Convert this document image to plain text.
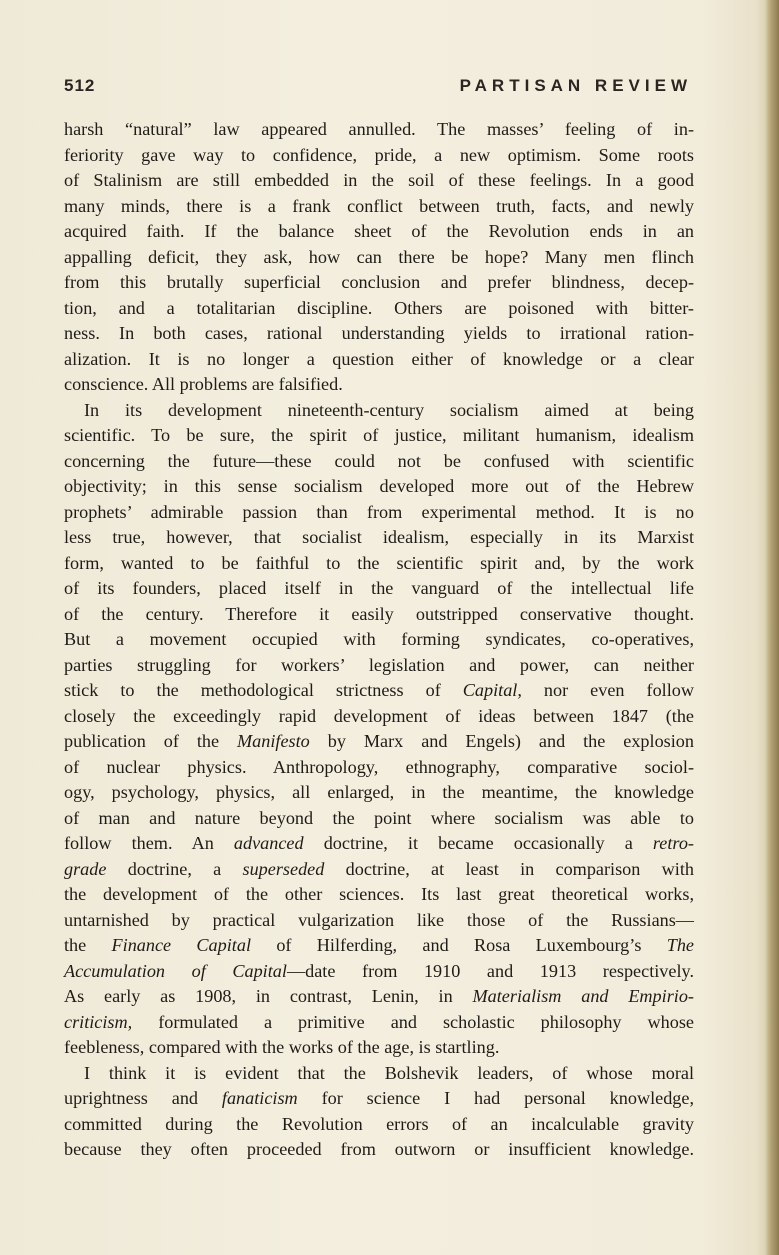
512	PARTISAN REVIEW
harsh “natural” law appeared annulled. The masses’ feeling of in-
feriority gave way to confidence, pride, a new optimism. Some roots
of Stalinism are still embedded in the soil of these feelings. In a good
many minds, there is a frank conflict between truth, facts, and newly
acquired faith. If the balance sheet of the Revolution ends in an
appalling deficit, they ask, how can there be hope? Many men flinch
from this brutally superficial conclusion and prefer blindness, decep-
tion, and a totalitarian discipline. Others are poisoned with bitter-
ness. In both cases, rational understanding yields to irrational ration-
alization. It is no longer a question either of knowledge or a clear
conscience. All problems are falsified.
In its development nineteenth-century socialism aimed at being
scientific. To be sure, the spirit of justice, militant humanism, idealism
concerning the future—these could not be confused with scientific
objectivity; in this sense socialism developed more out of the Hebrew
prophets’ admirable passion than from experimental method. It is no
less true, however, that socialist idealism, especially in its Marxist
form, wanted to be faithful to the scientific spirit and, by the work
of its founders, placed itself in the vanguard of the intellectual life
of the century. Therefore it easily outstripped conservative thought.
But a movement occupied with forming syndicates, co-operatives,
parties struggling for workers’ legislation and power, can neither
stick to the methodological strictness of Capital, nor even follow
closely the exceedingly rapid development of ideas between 1847 (the
publication of the Manifesto by Marx and Engels) and the explosion
of nuclear physics. Anthropology, ethnography, comparative sociol-
ogy, psychology, physics, all enlarged, in the meantime, the knowledge
of man and nature beyond the point where socialism was able to
follow them. An advanced doctrine, it became occasionally a retro-
grade doctrine, a superseded doctrine, at least in comparison with
the development of the other sciences. Its last great theoretical works,
untarnished by practical vulgarization like those of the Russians—
the Finance Capital of Hilferding, and Rosa Luxembourg’s The
Accumulation of Capital—date from 1910 and 1913 respectively.
As early as 1908, in contrast, Lenin, in Materialism and Empirio-
criticism, formulated a primitive and scholastic philosophy whose
feebleness, compared with the works of the age, is startling.
I think it is evident that the Bolshevik leaders, of whose moral
uprightness and fanaticism for science I had personal knowledge,
committed during the Revolution errors of an incalculable gravity
because they often proceeded from outworn or insufficient knowledge.
